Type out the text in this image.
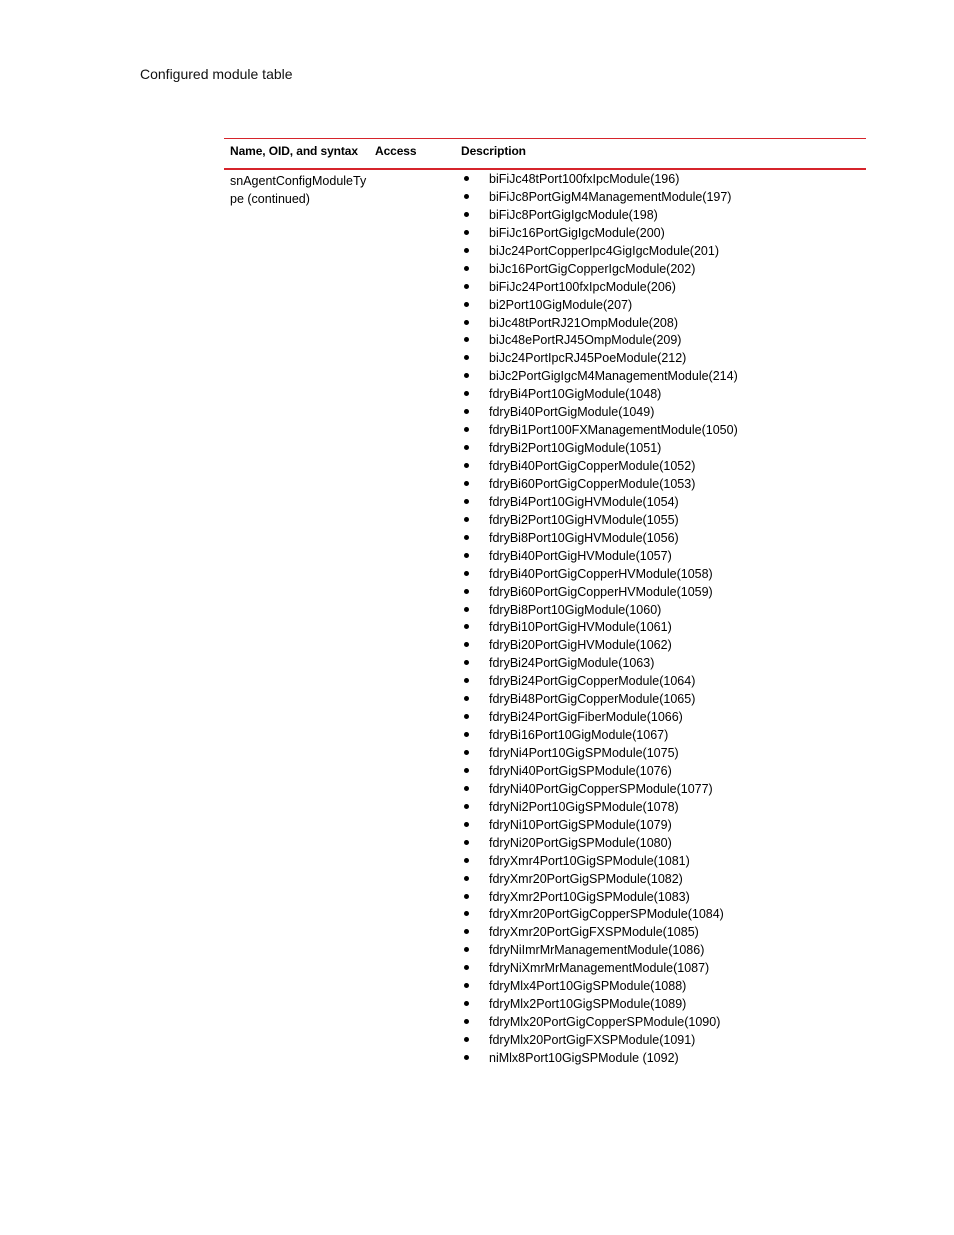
Configured module table
Name, OID, and syntax Access	Description
snAgentConfigModuleType (continued)
biFiJc48tPort100fxIpcModule(196)
biFiJc8PortGigM4ManagementModule(197)
biFiJc8PortGigIgcModule(198)
biFiJc16PortGigIgcModule(200)
biJc24PortCopperIpc4GigIgcModule(201)
biJc16PortGigCopperIgcModule(202)
biFiJc24Port100fxIpcModule(206)
bi2Port10GigModule(207)
biJc48tPortRJ21OmpModule(208)
biJc48ePortRJ45OmpModule(209)
biJc24PortIpcRJ45PoeModule(212)
biJc2PortGigIgcM4ManagementModule(214)
fdryBi4Port10GigModule(1048)
fdryBi40PortGigModule(1049)
fdryBi1Port100FXManagementModule(1050)
fdryBi2Port10GigModule(1051)
fdryBi40PortGigCopperModule(1052)
fdryBi60PortGigCopperModule(1053)
fdryBi4Port10GigHVModule(1054)
fdryBi2Port10GigHVModule(1055)
fdryBi8Port10GigHVModule(1056)
fdryBi40PortGigHVModule(1057)
fdryBi40PortGigCopperHVModule(1058)
fdryBi60PortGigCopperHVModule(1059)
fdryBi8Port10GigModule(1060)
fdryBi10PortGigHVModule(1061)
fdryBi20PortGigHVModule(1062)
fdryBi24PortGigModule(1063)
fdryBi24PortGigCopperModule(1064)
fdryBi48PortGigCopperModule(1065)
fdryBi24PortGigFiberModule(1066)
fdryBi16Port10GigModule(1067)
fdryNi4Port10GigSPModule(1075)
fdryNi40PortGigSPModule(1076)
fdryNi40PortGigCopperSPModule(1077)
fdryNi2Port10GigSPModule(1078)
fdryNi10PortGigSPModule(1079)
fdryNi20PortGigSPModule(1080)
fdryXmr4Port10GigSPModule(1081)
fdryXmr20PortGigSPModule(1082)
fdryXmr2Port10GigSPModule(1083)
fdryXmr20PortGigCopperSPModule(1084)
fdryXmr20PortGigFXSPModule(1085)
fdryNiImrMrManagementModule(1086)
fdryNiXmrMrManagementModule(1087)
fdryMlx4Port10GigSPModule(1088)
fdryMlx2Port10GigSPModule(1089)
fdryMlx20PortGigCopperSPModule(1090)
fdryMlx20PortGigFXSPModule(1091)
niMlx8Port10GigSPModule (1092)
